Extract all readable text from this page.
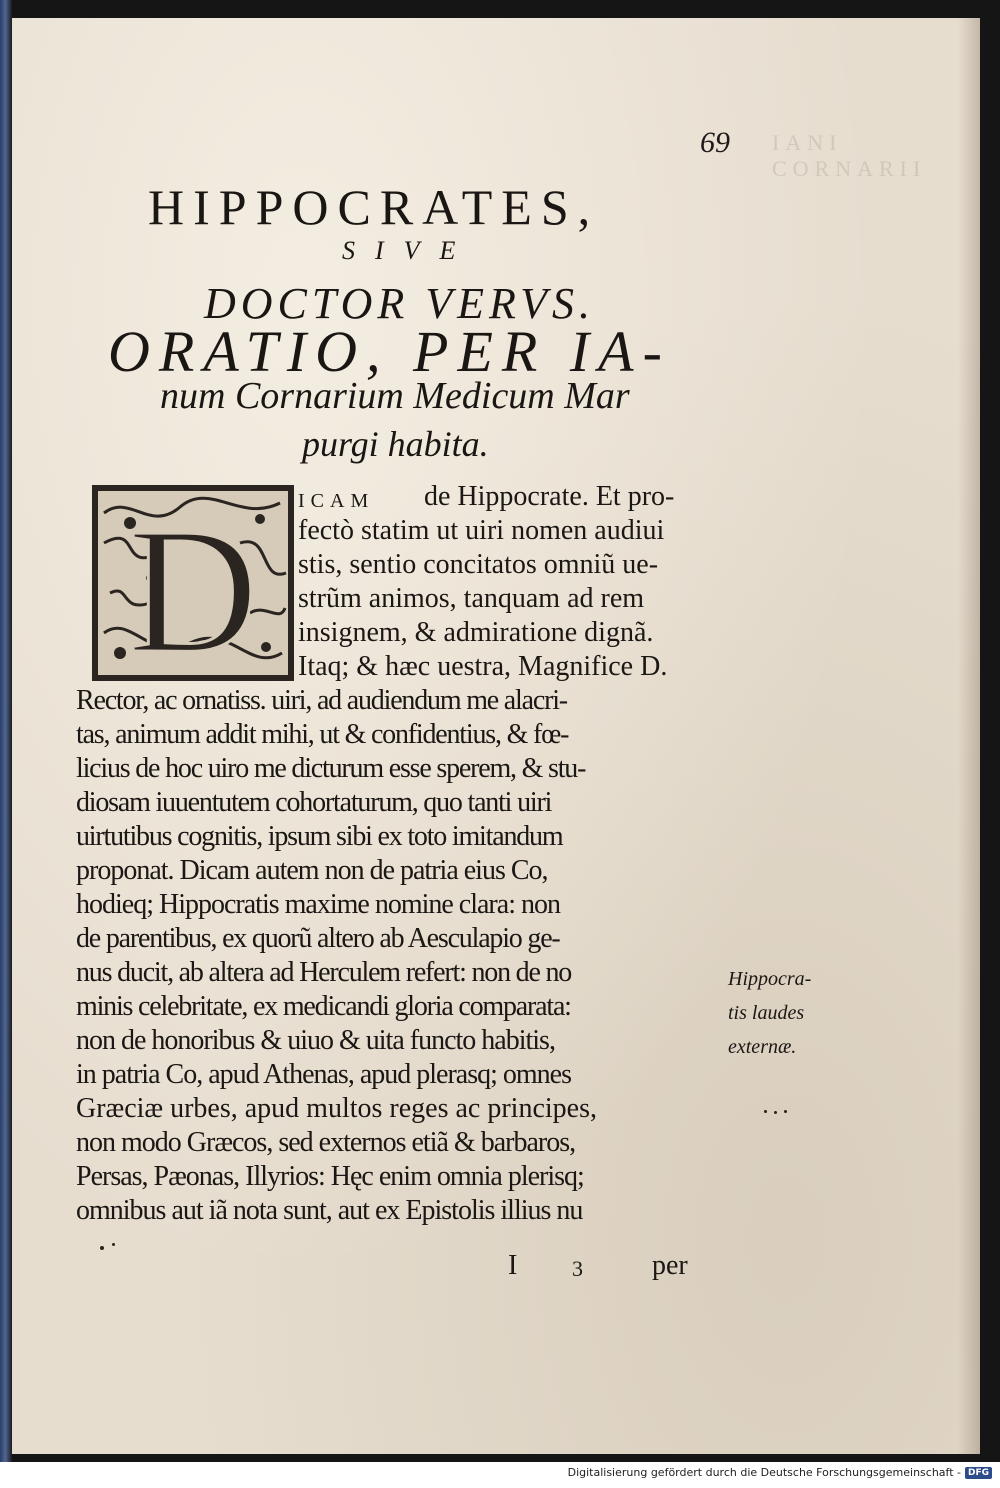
IANI CORNARII
69
HIPPOCRATES,
SIVE
DOCTOR VERVS.
ORATIO, PER IA-
num Cornarium Medicum Mar
purgi habita.
D ICAM de Hippocrate. Et pro-
fectò statim ut uiri nomen audiui
stis, sentio concitatos omniũ ue-
strũm animos, tanquam ad rem
insignem, & admiratione dignã.
Itaq; & hæc uestra, Magnifice D.
Rector, ac ornatiss. uiri, ad audiendum me alacri-
tas, animum addit mihi, ut & confidentius, & fœ-
licius de hoc uiro me dicturum esse sperem, & stu-
diosam iuuentutem cohortaturum, quo tanti uiri
uirtutibus cognitis, ipsum sibi ex toto imitandum
proponat. Dicam autem non de patria eius Co,
hodieq; Hippocratis maxime nomine clara: non
de parentibus, ex quorũ altero ab Aesculapio ge-
nus ducit, ab altera ad Herculem refert: non de no
minis celebritate, ex medicandi gloria comparata:
non de honoribus & uiuo & uita functo habitis,
in patria Co, apud Athenas, apud plerasq; omnes
Græciæ urbes, apud multos reges ac principes,
non modo Græcos, sed externos etiã & barbaros,
Persas, Pæonas, Illyrios: Hęc enim omnia plerisq;
omnibus aut iã nota sunt, aut ex Epistolis illius nu
Hippocra-
tis laudes
externæ.
I 3 per
Digitalisierung gefördert durch die Deutsche Forschungsgemeinschaft - DFG
